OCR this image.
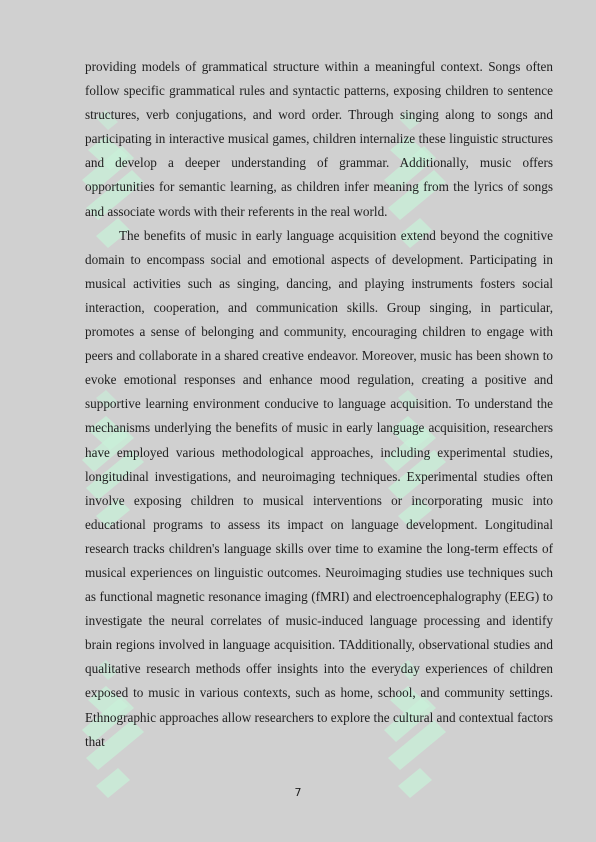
providing models of grammatical structure within a meaningful context. Songs often follow specific grammatical rules and syntactic patterns, exposing children to sentence structures, verb conjugations, and word order. Through singing along to songs and participating in interactive musical games, children internalize these linguistic structures and develop a deeper understanding of grammar. Additionally, music offers opportunities for semantic learning, as children infer meaning from the lyrics of songs and associate words with their referents in the real world.

The benefits of music in early language acquisition extend beyond the cognitive domain to encompass social and emotional aspects of development. Participating in musical activities such as singing, dancing, and playing instruments fosters social interaction, cooperation, and communication skills. Group singing, in particular, promotes a sense of belonging and community, encouraging children to engage with peers and collaborate in a shared creative endeavor. Moreover, music has been shown to evoke emotional responses and enhance mood regulation, creating a positive and supportive learning environment conducive to language acquisition. To understand the mechanisms underlying the benefits of music in early language acquisition, researchers have employed various methodological approaches, including experimental studies, longitudinal investigations, and neuroimaging techniques. Experimental studies often involve exposing children to musical interventions or incorporating music into educational programs to assess its impact on language development. Longitudinal research tracks children's language skills over time to examine the long-term effects of musical experiences on linguistic outcomes. Neuroimaging studies use techniques such as functional magnetic resonance imaging (fMRI) and electroencephalography (EEG) to investigate the neural correlates of music-induced language processing and identify brain regions involved in language acquisition. TAdditionally, observational studies and qualitative research methods offer insights into the everyday experiences of children exposed to music in various contexts, such as home, school, and community settings. Ethnographic approaches allow researchers to explore the cultural and contextual factors that

7
